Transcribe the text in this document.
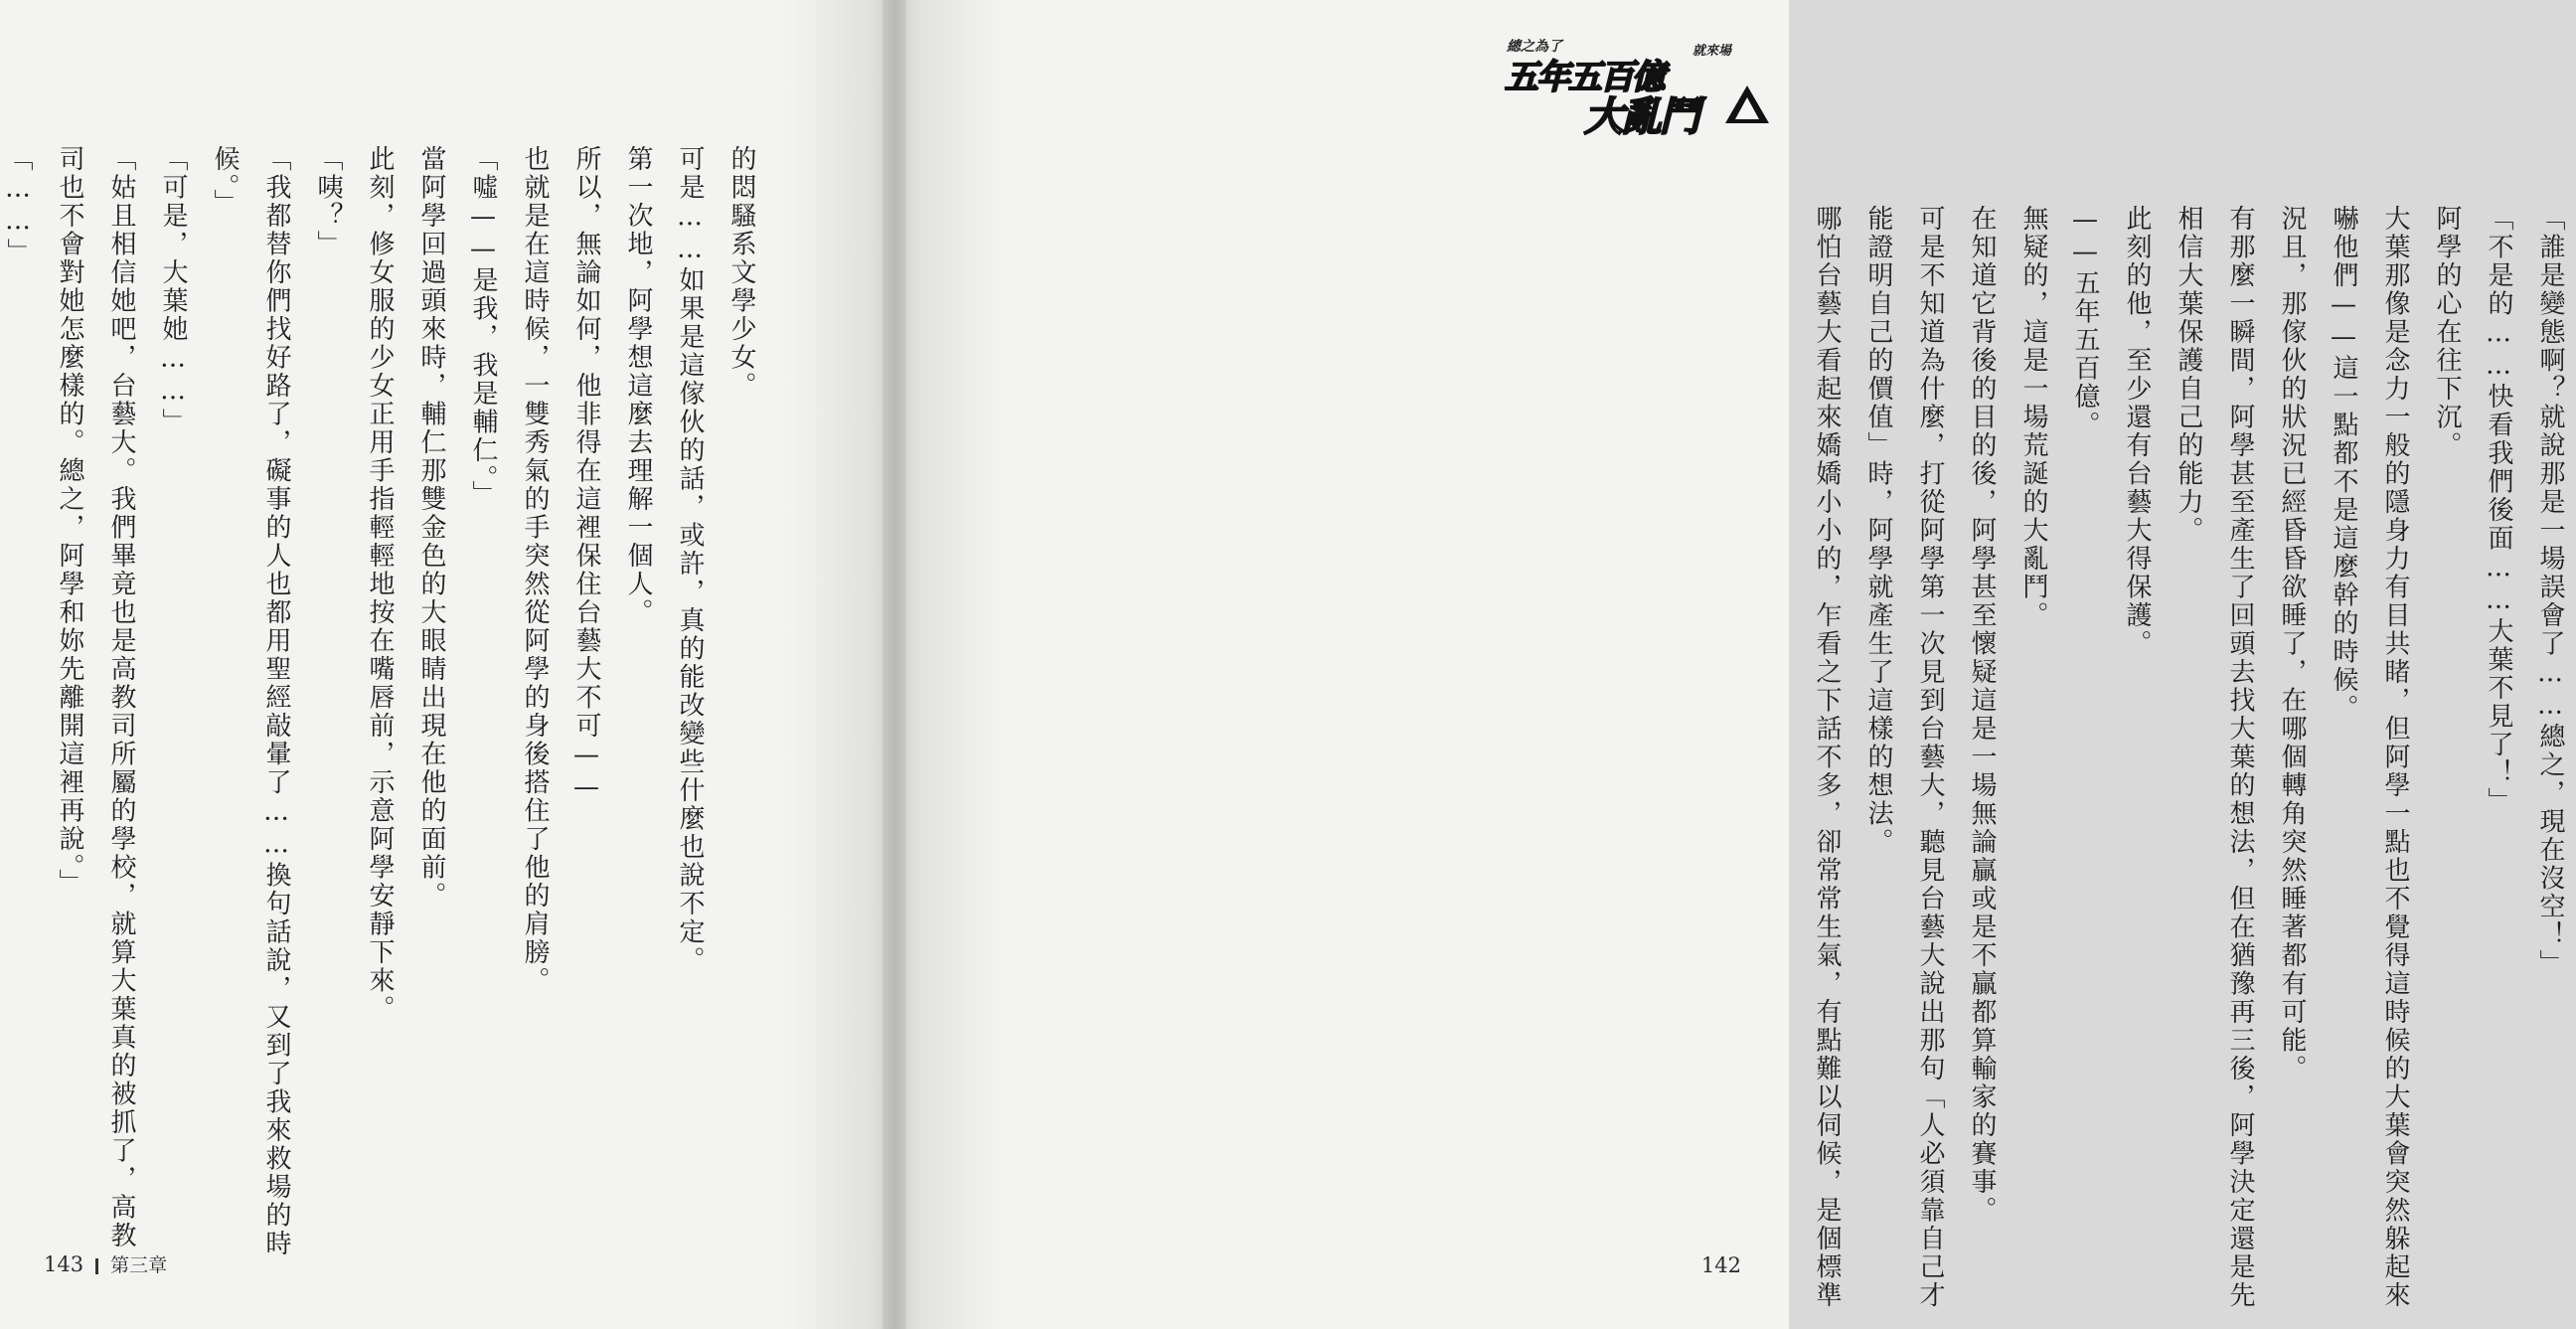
的悶騷系文學少女。
可是……如果是這傢伙的話，或許，真的能改變些什麼也說不定。
第一次地，阿學想這麼去理解一個人。
所以，無論如何，他非得在這裡保住台藝大不可——
也就是在這時候，一雙秀氣的手突然從阿學的身後搭住了他的肩膀。
「噓——是我，我是輔仁。」
當阿學回過頭來時，輔仁那雙金色的大眼睛出現在他的面前。
此刻，修女服的少女正用手指輕輕地按在嘴唇前，示意阿學安靜下來。
「咦？」
「我都替你們找好路了，礙事的人也都用聖經敲暈了……換句話說，又到了我來救場的時
候。」
「可是，大葉她……」
「姑且相信她吧，台藝大。我們畢竟也是高教司所屬的學校，就算大葉真的被抓了，高教
司也不會對她怎麼樣的。總之，阿學和妳先離開這裡再說。」
「……」
143 第三章
總之為了	就來場
五年五百億
大亂鬥
「誰是變態啊？就說那是一場誤會了……總之，現在沒空！」
「不是的……快看我們後面……大葉不見了！」
阿學的心在往下沉。
大葉那像是念力一般的隱身力有目共睹，但阿學一點也不覺得這時候的大葉會突然躲起來
嚇他們——這一點都不是這麼幹的時候。
況且，那傢伙的狀況已經昏昏欲睡了，在哪個轉角突然睡著都有可能。
有那麼一瞬間，阿學甚至產生了回頭去找大葉的想法，但在猶豫再三後，阿學決定還是先
相信大葉保護自己的能力。
此刻的他，至少還有台藝大得保護。
——五年五百億。
無疑的，這是一場荒誕的大亂鬥。
在知道它背後的目的後，阿學甚至懷疑這是一場無論贏或是不贏都算輸家的賽事。
可是不知道為什麼，打從阿學第一次見到台藝大，聽見台藝大說出那句「人必須靠自己才
能證明自己的價值」時，阿學就產生了這樣的想法。
哪怕台藝大看起來嬌嬌小小的，乍看之下話不多，卻常常生氣，有點難以伺候，是個標準
142
